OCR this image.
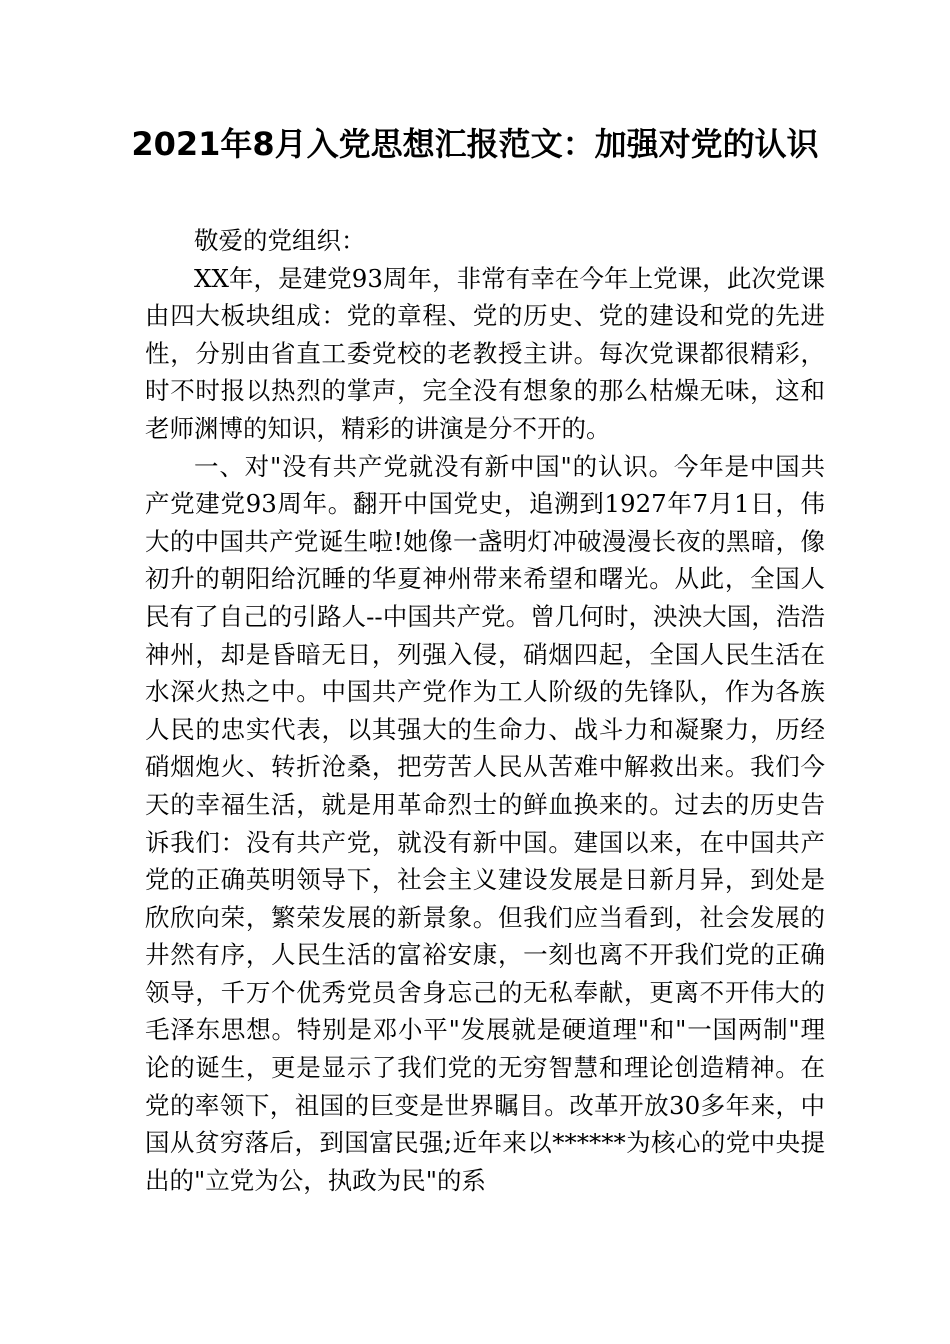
2021年8月入党思想汇报范文：加强对党的认识

敬爱的党组织：

XX年，是建党93周年，非常有幸在今年上党课，此次党课由四大板块组成：党的章程、党的历史、党的建设和党的先进性，分别由省直工委党校的老教授主讲。每次党课都很精彩，时不时报以热烈的掌声，完全没有想象的那么枯燥无味，这和老师渊博的知识，精彩的讲演是分不开的。

一、对"没有共产党就没有新中国"的认识。今年是中国共产党建党93周年。翻开中国党史，追溯到1927年7月1日，伟大的中国共产党诞生啦!她像一盏明灯冲破漫漫长夜的黑暗，像初升的朝阳给沉睡的华夏神州带来希望和曙光。从此，全国人民有了自己的引路人--中国共产党。曾几何时，泱泱大国，浩浩神州，却是昏暗无日，列强入侵，硝烟四起，全国人民生活在水深火热之中。中国共产党作为工人阶级的先锋队，作为各族人民的忠实代表，以其强大的生命力、战斗力和凝聚力，历经硝烟炮火、转折沧桑，把劳苦人民从苦难中解救出来。我们今天的幸福生活，就是用革命烈士的鲜血换来的。过去的历史告诉我们：没有共产党，就没有新中国。建国以来，在中国共产党的正确英明领导下，社会主义建设发展是日新月异，到处是欣欣向荣，繁荣发展的新景象。但我们应当看到，社会发展的井然有序，人民生活的富裕安康，一刻也离不开我们党的正确领导，千万个优秀党员舍身忘己的无私奉献，更离不开伟大的毛泽东思想。特别是邓小平"发展就是硬道理"和"一国两制"理论的诞生，更是显示了我们党的无穷智慧和理论创造精神。在党的率领下，祖国的巨变是世界瞩目。改革开放30多年来，中国从贫穷落后，到国富民强;近年来以******为核心的党中央提出的"立党为公，执政为民"的系
